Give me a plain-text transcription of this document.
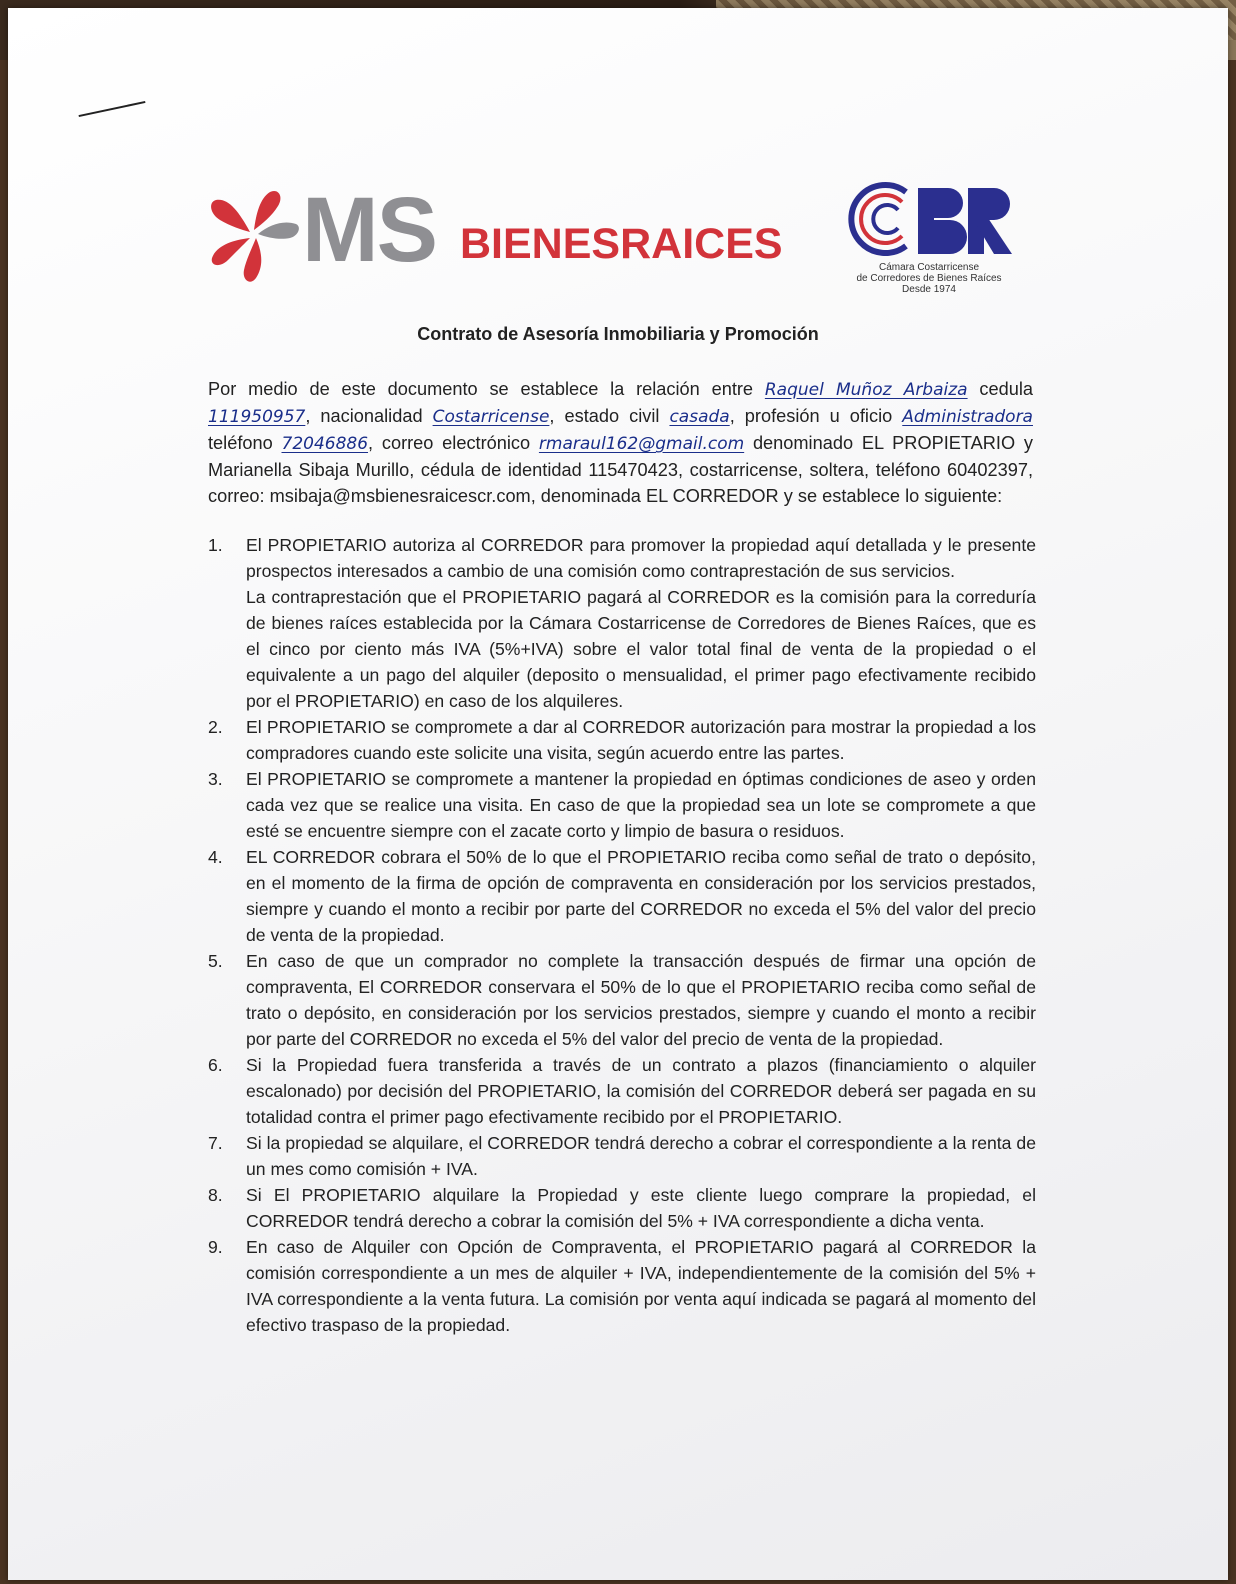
MS BIENESRAICES	Cámara Costarricense
de Corredores de Bienes Raíces
Desde 1974
Contrato de Asesoría Inmobiliaria y Promoción
Por medio de este documento se establece la relación entre Raquel Muñoz Arbaiza cedula 111950957, nacionalidad Costarricense, estado civil casada, profesión u oficio Administradora teléfono 72046886, correo electrónico rmaraul162@gmail.com denominado EL PROPIETARIO y Marianella Sibaja Murillo, cédula de identidad 115470423, costarricense, soltera, teléfono 60402397, correo: msibaja@msbienesraicescr.com, denominada EL CORREDOR y se establece lo siguiente:
1. El PROPIETARIO autoriza al CORREDOR para promover la propiedad aquí detallada y le presente prospectos interesados a cambio de una comisión como contraprestación de sus servicios.

La contraprestación que el PROPIETARIO pagará al CORREDOR es la comisión para la correduría de bienes raíces establecida por la Cámara Costarricense de Corredores de Bienes Raíces, que es el cinco por ciento más IVA (5%+IVA) sobre el valor total final de venta de la propiedad o el equivalente a un pago del alquiler (deposito o mensualidad, el primer pago efectivamente recibido por el PROPIETARIO) en caso de los alquileres.

2. El PROPIETARIO se compromete a dar al CORREDOR autorización para mostrar la propiedad a los compradores cuando este solicite una visita, según acuerdo entre las partes.

3. El PROPIETARIO se compromete a mantener la propiedad en óptimas condiciones de aseo y orden cada vez que se realice una visita. En caso de que la propiedad sea un lote se compromete a que esté se encuentre siempre con el zacate corto y limpio de basura o residuos.

4. EL CORREDOR cobrara el 50% de lo que el PROPIETARIO reciba como señal de trato o depósito, en el momento de la firma de opción de compraventa en consideración por los servicios prestados, siempre y cuando el monto a recibir por parte del CORREDOR no exceda el 5% del valor del precio de venta de la propiedad.

5. En caso de que un comprador no complete la transacción después de firmar una opción de compraventa, El CORREDOR conservara el 50% de lo que el PROPIETARIO reciba como señal de trato o depósito, en consideración por los servicios prestados, siempre y cuando el monto a recibir por parte del CORREDOR no exceda el 5% del valor del precio de venta de la propiedad.

6. Si la Propiedad fuera transferida a través de un contrato a plazos (financiamiento o alquiler escalonado) por decisión del PROPIETARIO, la comisión del CORREDOR deberá ser pagada en su totalidad contra el primer pago efectivamente recibido por el PROPIETARIO.

7. Si la propiedad se alquilare, el CORREDOR tendrá derecho a cobrar el correspondiente a la renta de un mes como comisión + IVA.

8. Si El PROPIETARIO alquilare la Propiedad y este cliente luego comprare la propiedad, el CORREDOR tendrá derecho a cobrar la comisión del 5% + IVA correspondiente a dicha venta.

9. En caso de Alquiler con Opción de Compraventa, el PROPIETARIO pagará al CORREDOR la comisión correspondiente a un mes de alquiler + IVA, independientemente de la comisión del 5% + IVA correspondiente a la venta futura. La comisión por venta aquí indicada se pagará al momento del efectivo traspaso de la propiedad.
